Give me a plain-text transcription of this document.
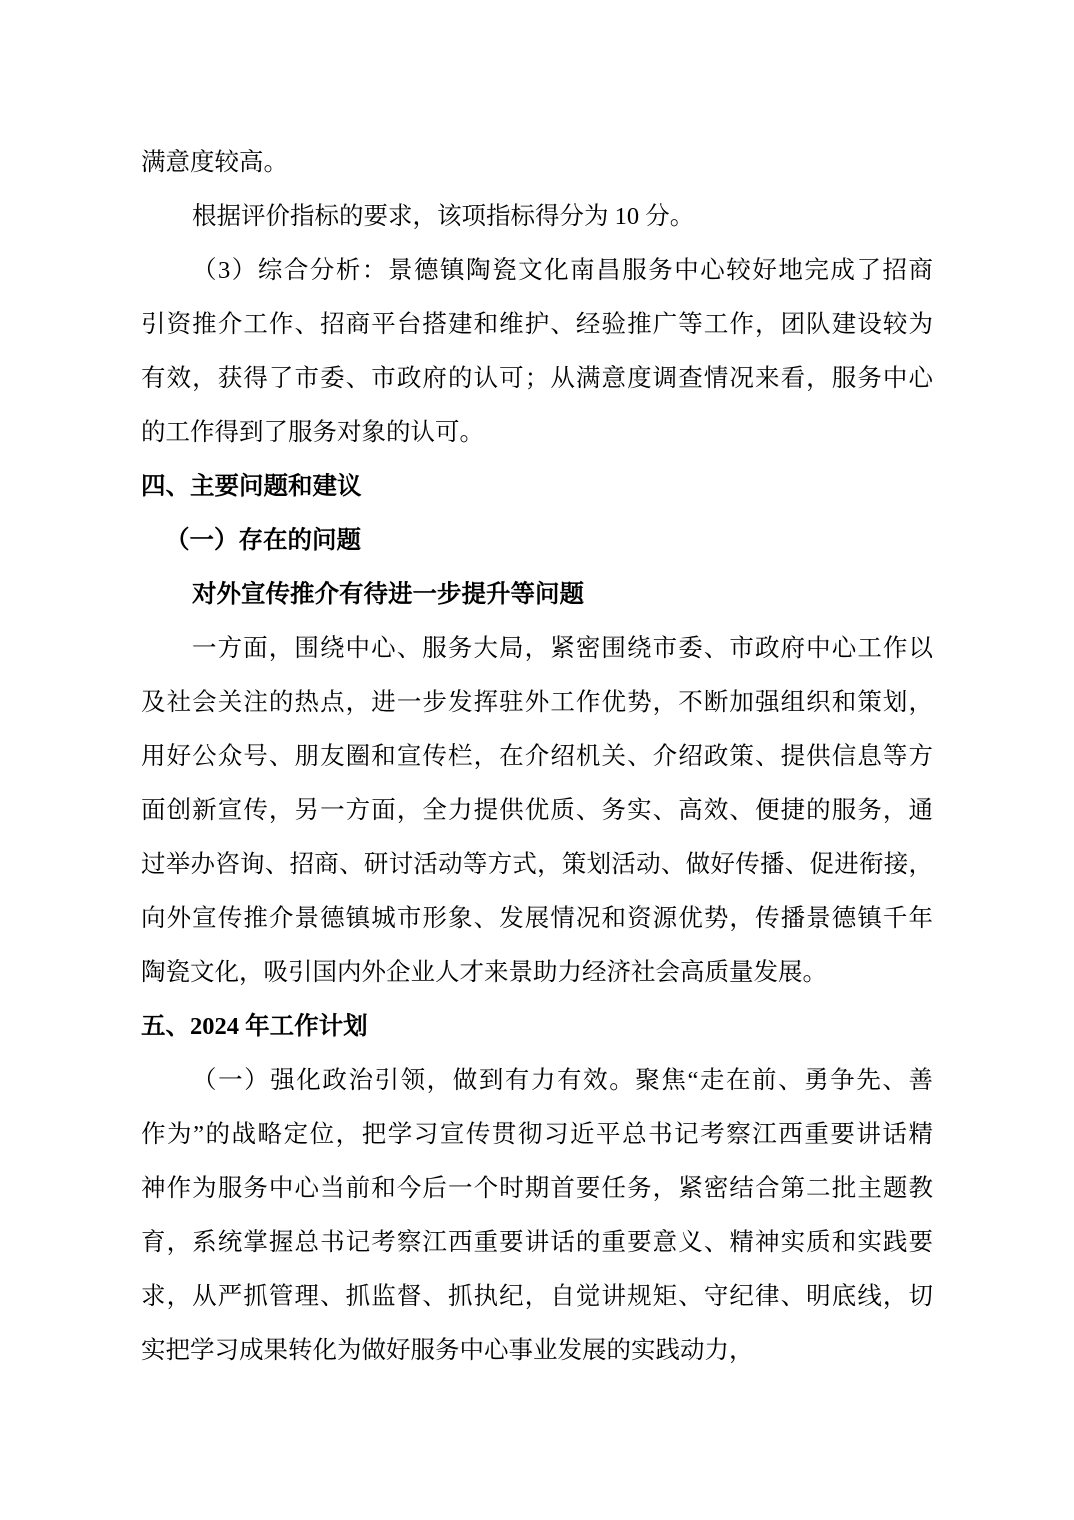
满意度较高。
根据评价指标的要求，该项指标得分为 10 分。
（3）综合分析：景德镇陶瓷文化南昌服务中心较好地完成了招商
引资推介工作、招商平台搭建和维护、经验推广等工作，团队建设较为
有效，获得了市委、市政府的认可；从满意度调查情况来看，服务中心
的工作得到了服务对象的认可。
四、主要问题和建议
（一）存在的问题
对外宣传推介有待进一步提升等问题
一方面，围绕中心、服务大局，紧密围绕市委、市政府中心工作以
及社会关注的热点，进一步发挥驻外工作优势，不断加强组织和策划，
用好公众号、朋友圈和宣传栏，在介绍机关、介绍政策、提供信息等方
面创新宣传，另一方面，全力提供优质、务实、高效、便捷的服务，通
过举办咨询、招商、研讨活动等方式，策划活动、做好传播、促进衔接，
向外宣传推介景德镇城市形象、发展情况和资源优势，传播景德镇千年
陶瓷文化，吸引国内外企业人才来景助力经济社会高质量发展。
五、2024 年工作计划
（一）强化政治引领，做到有力有效。聚焦“走在前、勇争先、善
作为”的战略定位，把学习宣传贯彻习近平总书记考察江西重要讲话精
神作为服务中心当前和今后一个时期首要任务，紧密结合第二批主题教
育，系统掌握总书记考察江西重要讲话的重要意义、精神实质和实践要
求，从严抓管理、抓监督、抓执纪，自觉讲规矩、守纪律、明底线，切
实把学习成果转化为做好服务中心事业发展的实践动力，
